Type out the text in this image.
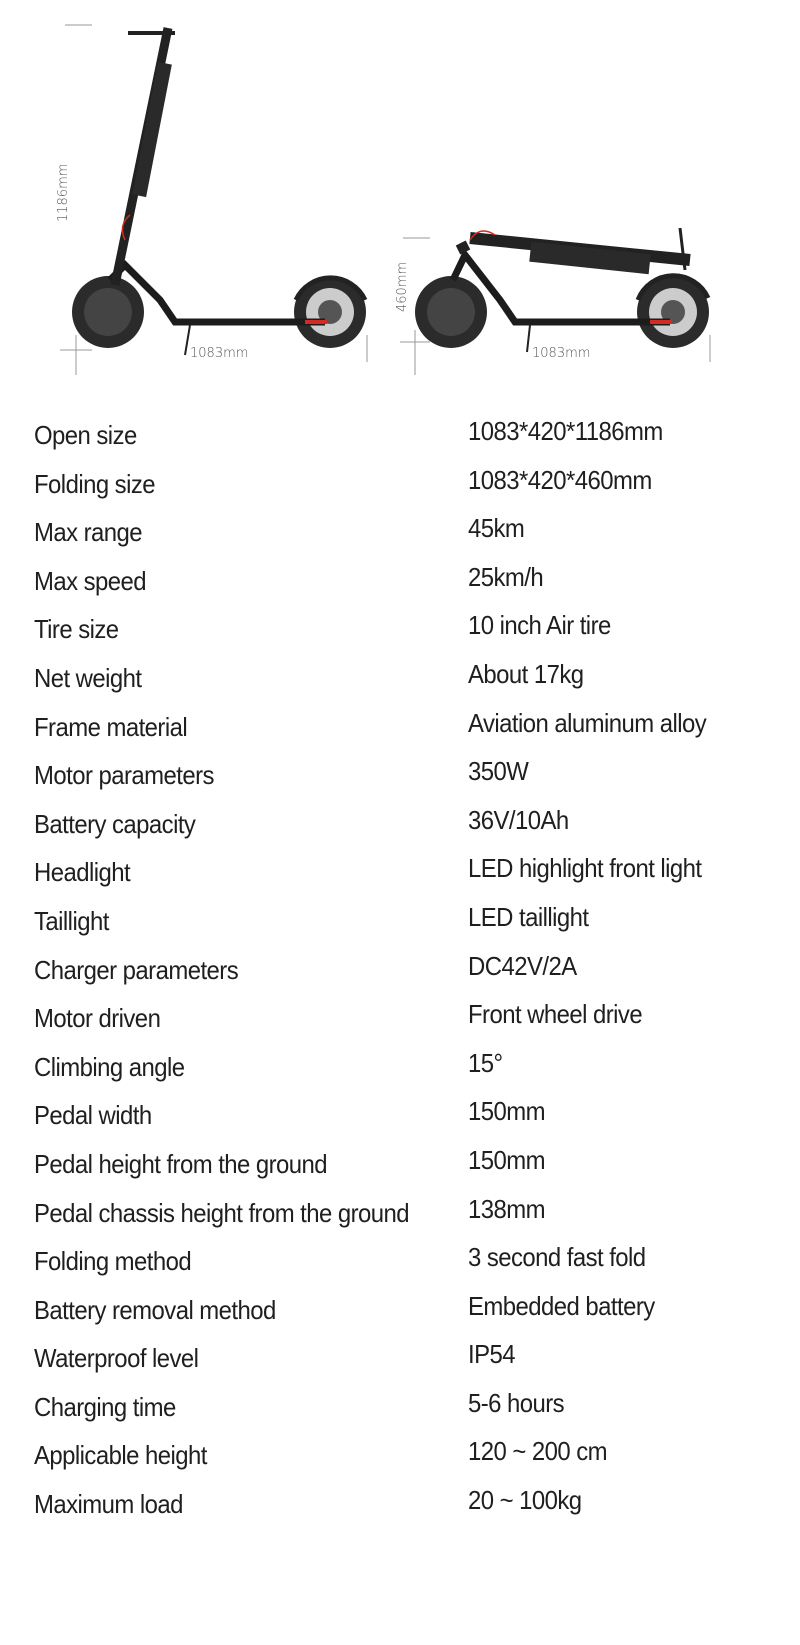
1186mm
1083mm
460mm
1083mm
Open size	1083*420*1186mm
Folding size	1083*420*460mm
Max range	45km
Max speed	25km/h
Tire size	10 inch Air tire
Net weight	About 17kg
Frame material	Aviation aluminum alloy
Motor parameters	350W
Battery capacity	36V/10Ah
Headlight	LED highlight front light
Taillight	LED taillight
Charger parameters	DC42V/2A
Motor driven	Front wheel drive
Climbing angle	15°
Pedal width	150mm
Pedal height from the ground	150mm
Pedal chassis height from the ground 138mm
Folding method	3 second fast fold
Battery removal method	Embedded battery
Waterproof level	IP54
Charging time	5-6 hours
Applicable height	120 ~ 200 cm
Maximum load	20 ~ 100kg
